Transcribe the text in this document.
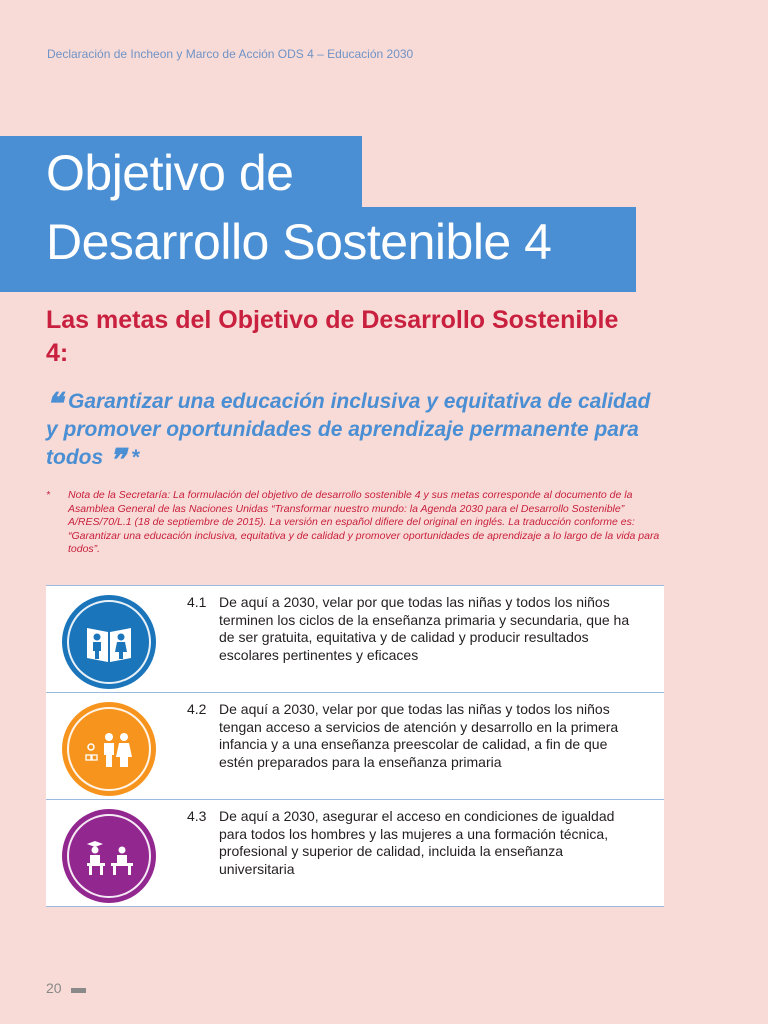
Declaración de Incheon y Marco de Acción ODS 4 – Educación 2030
Objetivo de
Desarrollo Sostenible 4
Las metas del Objetivo de Desarrollo Sostenible 4:
❝ Garantizar una educación inclusiva y equitativa de calidad y promover oportunidades de aprendizaje permanente para todos ❞ *
*	Nota de la Secretaría: La formulación del objetivo de desarrollo sostenible 4 y sus metas corresponde al documento de la Asamblea General de las Naciones Unidas “Transformar nuestro mundo: la Agenda 2030 para el Desarrollo Sostenible” A/RES/70/L.1 (18 de septiembre de 2015). La versión en español difiere del original en inglés. La traducción conforme es: “Garantizar una educación inclusiva, equitativa y de calidad y promover oportunidades de aprendizaje a lo largo de la vida para todos”.
4.1 De aquí a 2030, velar por que todas las niñas y todos los niños terminen los ciclos de la enseñanza primaria y secundaria, que ha de ser gratuita, equitativa y de calidad y producir resultados escolares pertinentes y eficaces
4.2 De aquí a 2030, velar por que todas las niñas y todos los niños tengan acceso a servicios de atención y desarrollo en la primera infancia y a una enseñanza preescolar de calidad, a fin de que estén preparados para la enseñanza primaria
4.3 De aquí a 2030, asegurar el acceso en condiciones de igualdad para todos los hombres y las mujeres a una formación técnica, profesional y superior de calidad, incluida la enseñanza universitaria
20
